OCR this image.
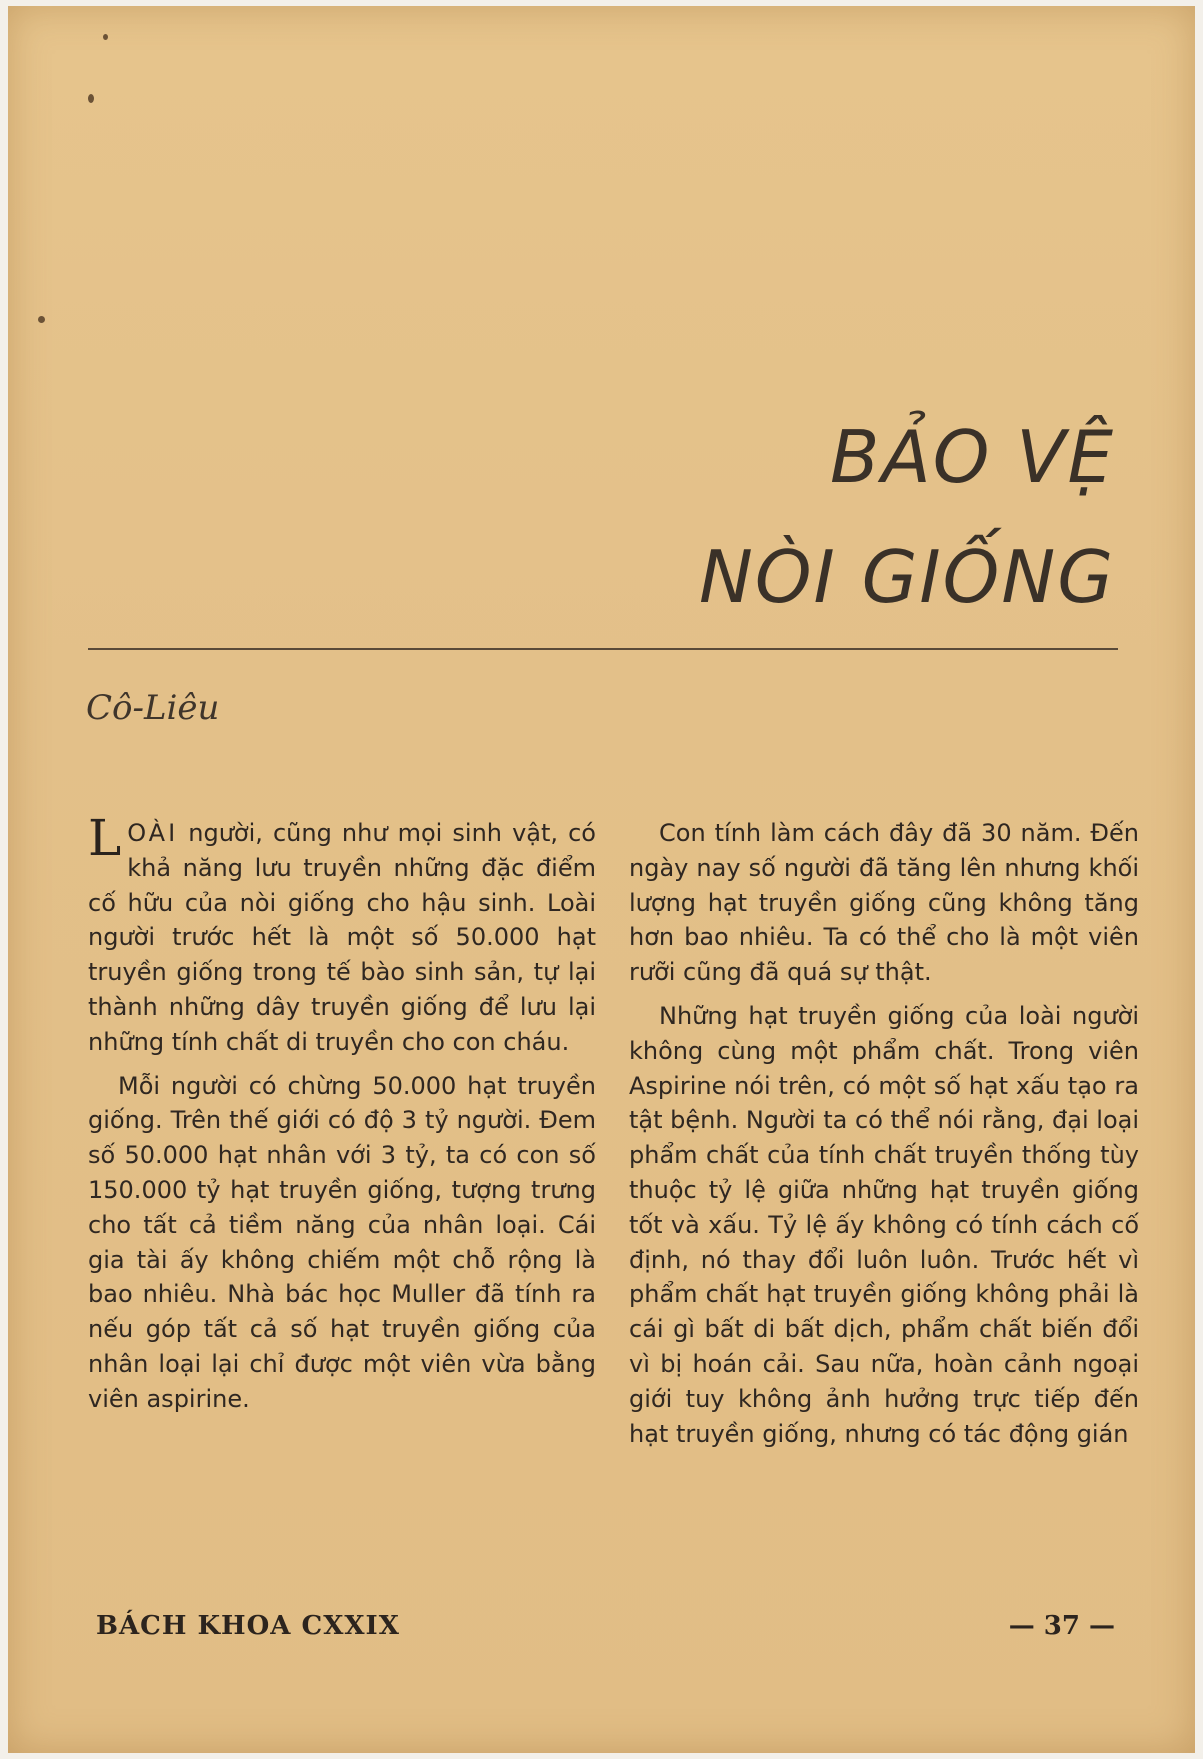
BẢO VỆ
NÒI GIỐNG
Cô-Liêu

LOÀI người, cũng như mọi sinh vật, có khả năng lưu truyền những đặc điểm cố hữu của nòi giống cho hậu sinh. Loài người trước hết là một số 50.000 hạt truyền giống trong tế bào sinh sản, tự lại thành những dây truyền giống để lưu lại những tính chất di truyền cho con cháu.

Mỗi người có chừng 50.000 hạt truyền giống. Trên thế giới có độ 3 tỷ người. Đem số 50.000 hạt nhân với 3 tỷ, ta có con số 150.000 tỷ hạt truyền giống, tượng trưng cho tất cả tiềm năng của nhân loại. Cái gia tài ấy không chiếm một chỗ rộng là bao nhiêu. Nhà bác học Muller đã tính ra nếu góp tất cả số hạt truyền giống của nhân loại lại chỉ được một viên vừa bằng viên aspirine.

Con tính làm cách đây đã 30 năm. Đến ngày nay số người đã tăng lên nhưng khối lượng hạt truyền giống cũng không tăng hơn bao nhiêu. Ta có thể cho là một viên rưỡi cũng đã quá sự thật.

Những hạt truyền giống của loài người không cùng một phẩm chất. Trong viên Aspirine nói trên, có một số hạt xấu tạo ra tật bệnh. Người ta có thể nói rằng, đại loại phẩm chất của tính chất truyền thống tùy thuộc tỷ lệ giữa những hạt truyền giống tốt và xấu. Tỷ lệ ấy không có tính cách cố định, nó thay đổi luôn luôn. Trước hết vì phẩm chất hạt truyền giống không phải là cái gì bất di bất dịch, phẩm chất biến đổi vì bị hoán cải. Sau nữa, hoàn cảnh ngoại giới tuy không ảnh hưởng trực tiếp đến hạt truyền giống, nhưng có tác động gián

BÁCH KHOA CXXIX	— 37 —
